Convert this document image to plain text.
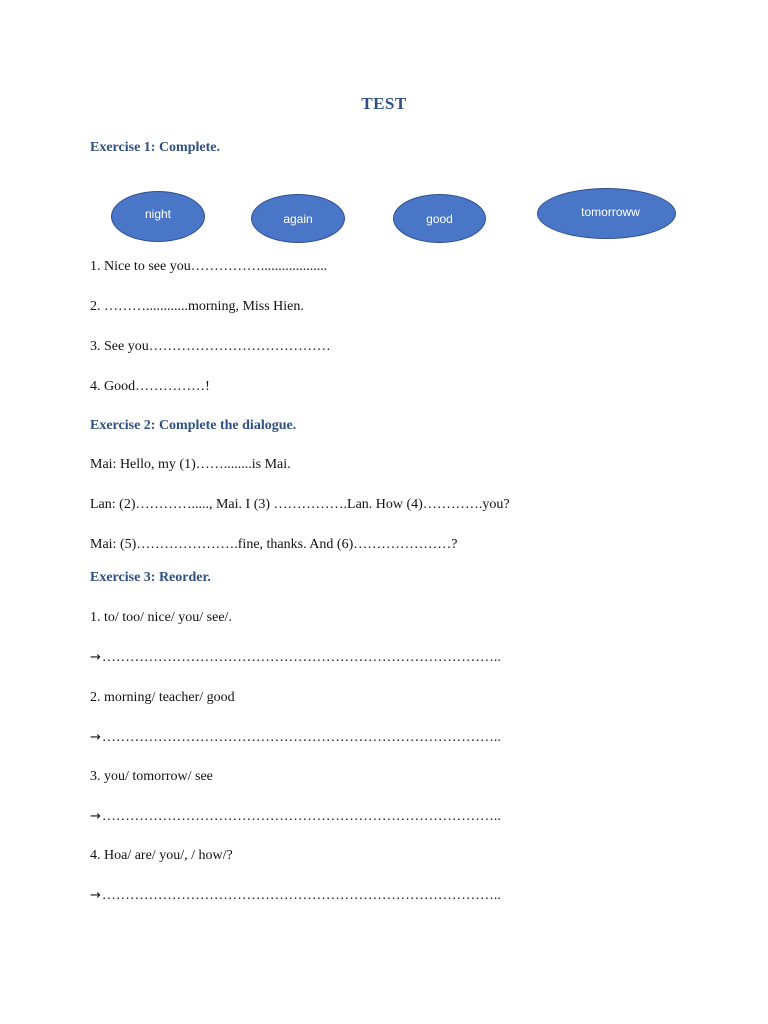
TEST
Exercise 1: Complete.
night	again	good	tomorroww
1. Nice to see you……………...................
2. ………............morning, Miss Hien.
3. See you…………………………………
4. Good……………!
Exercise 2: Complete the dialogue.
Mai: Hello, my (1)……........is Mai.
Lan: (2)…………....., Mai. I (3) …………….Lan. How (4)………….you?
Mai: (5)………………….fine, thanks. And (6)…………………?
Exercise 3: Reorder.
1. to/ too/ nice/ you/ see/.
→…………………………………………………………………………..
2. morning/ teacher/ good
→…………………………………………………………………………..
3. you/ tomorrow/ see
→…………………………………………………………………………..
4. Hoa/ are/ you/, / how/?
→…………………………………………………………………………..
